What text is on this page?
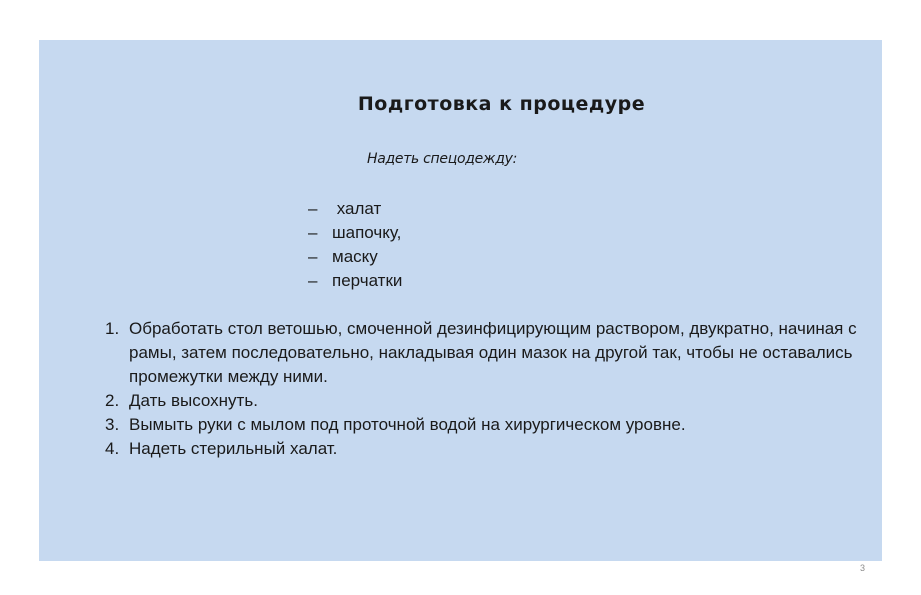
Подготовка к процедуре

Надеть спецодежду:

– халат
– шапочку,
– маску
– перчатки
1. Обработать стол ветошью, смоченной дезинфицирующим раствором, двукратно, начиная с рамы, затем последовательно, накладывая один мазок на другой так, чтобы не оставались промежутки между ними.
2. Дать высохнуть.
3. Вымыть руки с мылом под проточной водой на хирургическом уровне.
4. Надеть стерильный халат.
3
